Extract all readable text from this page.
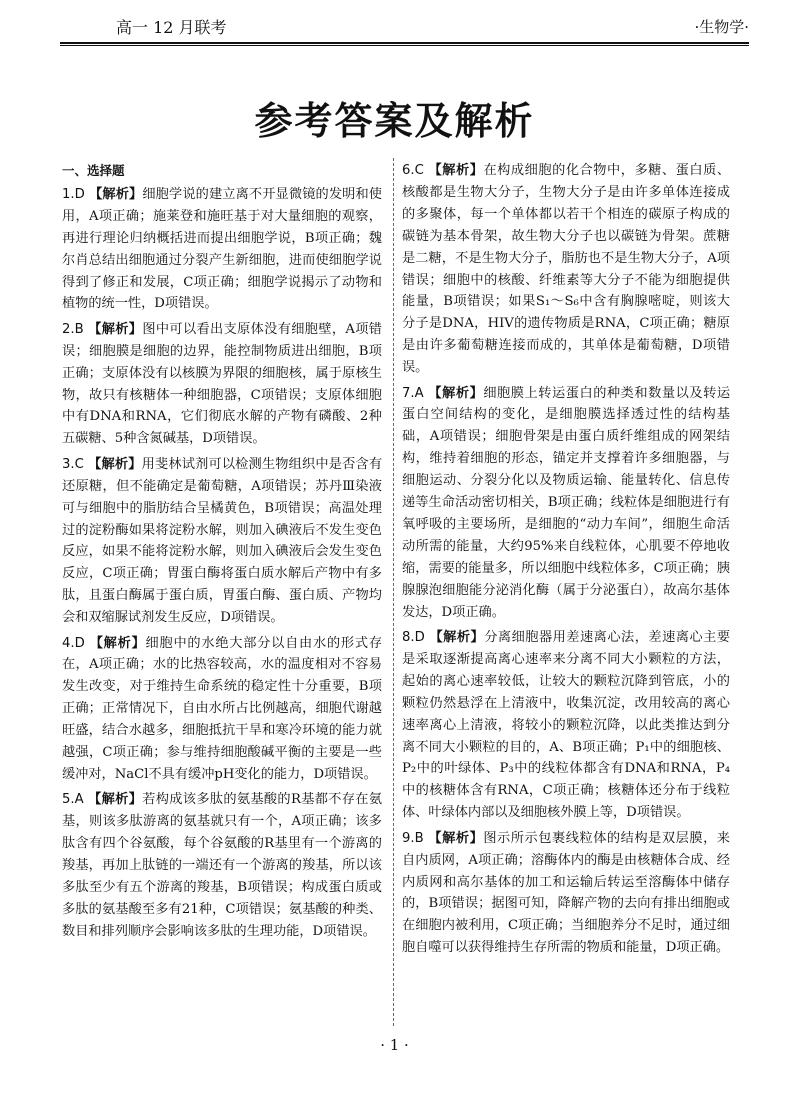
高一 12 月联考	·生物学·
参考答案及解析
一、选择题

1.D 【解析】细胞学说的建立离不开显微镜的发明和使用，A项正确；施莱登和施旺基于对大量细胞的观察，再进行理论归纳概括进而提出细胞学说，B项正确；魏尔肖总结出细胞通过分裂产生新细胞，进而使细胞学说得到了修正和发展，C项正确；细胞学说揭示了动物和植物的统一性，D项错误。

2.B 【解析】图中可以看出支原体没有细胞壁，A项错误；细胞膜是细胞的边界，能控制物质进出细胞，B项正确；支原体没有以核膜为界限的细胞核，属于原核生物，故只有核糖体一种细胞器，C项错误；支原体细胞中有DNA和RNA，它们彻底水解的产物有磷酸、2种五碳糖、5种含氮碱基，D项错误。

3.C 【解析】用斐林试剂可以检测生物组织中是否含有还原糖，但不能确定是葡萄糖，A项错误；苏丹Ⅲ染液可与细胞中的脂肪结合呈橘黄色，B项错误；高温处理过的淀粉酶如果将淀粉水解，则加入碘液后不发生变色反应，如果不能将淀粉水解，则加入碘液后会发生变色反应，C项正确；胃蛋白酶将蛋白质水解后产物中有多肽，且蛋白酶属于蛋白质，胃蛋白酶、蛋白质、产物均会和双缩脲试剂发生反应，D项错误。

4.D 【解析】细胞中的水绝大部分以自由水的形式存在，A项正确；水的比热容较高，水的温度相对不容易发生改变，对于维持生命系统的稳定性十分重要，B项正确；正常情况下，自由水所占比例越高，细胞代谢越旺盛，结合水越多，细胞抵抗干旱和寒冷环境的能力就越强，C项正确；参与维持细胞酸碱平衡的主要是一些缓冲对，NaCl不具有缓冲pH变化的能力，D项错误。

5.A 【解析】若构成该多肽的氨基酸的R基都不存在氨基，则该多肽游离的氨基就只有一个，A项正确；该多肽含有四个谷氨酸，每个谷氨酸的R基里有一个游离的羧基，再加上肽链的一端还有一个游离的羧基，所以该多肽至少有五个游离的羧基，B项错误；构成蛋白质或多肽的氨基酸至多有21种，C项错误；氨基酸的种类、数目和排列顺序会影响该多肽的生理功能，D项错误。

6.C 【解析】在构成细胞的化合物中，多糖、蛋白质、核酸都是生物大分子，生物大分子是由许多单体连接成的多聚体，每一个单体都以若干个相连的碳原子构成的碳链为基本骨架，故生物大分子也以碳链为骨架。蔗糖是二糖，不是生物大分子，脂肪也不是生物大分子，A项错误；细胞中的核酸、纤维素等大分子不能为细胞提供能量，B项错误；如果S₁～S₆中含有胸腺嘧啶，则该大分子是DNA，HIV的遗传物质是RNA，C项正确；糖原是由许多葡萄糖连接而成的，其单体是葡萄糖，D项错误。

7.A 【解析】细胞膜上转运蛋白的种类和数量以及转运蛋白空间结构的变化，是细胞膜选择透过性的结构基础，A项错误；细胞骨架是由蛋白质纤维组成的网架结构，维持着细胞的形态，锚定并支撑着许多细胞器，与细胞运动、分裂分化以及物质运输、能量转化、信息传递等生命活动密切相关，B项正确；线粒体是细胞进行有氧呼吸的主要场所，是细胞的“动力车间”，细胞生命活动所需的能量，大约95%来自线粒体，心肌要不停地收缩，需要的能量多，所以细胞中线粒体多，C项正确；胰腺腺泡细胞能分泌消化酶（属于分泌蛋白），故高尔基体发达，D项正确。

8.D 【解析】分离细胞器用差速离心法，差速离心主要是采取逐渐提高离心速率来分离不同大小颗粒的方法，起始的离心速率较低，让较大的颗粒沉降到管底，小的颗粒仍然悬浮在上清液中，收集沉淀，改用较高的离心速率离心上清液，将较小的颗粒沉降，以此类推达到分离不同大小颗粒的目的，A、B项正确；P₁中的细胞核、P₂中的叶绿体、P₃中的线粒体都含有DNA和RNA，P₄中的核糖体含有RNA，C项正确；核糖体还分布于线粒体、叶绿体内部以及细胞核外膜上等，D项错误。

9.B 【解析】图示所示包裹线粒体的结构是双层膜，来自内质网，A项正确；溶酶体内的酶是由核糖体合成、经内质网和高尔基体的加工和运输后转运至溶酶体中储存的，B项错误；据图可知，降解产物的去向有排出细胞或在细胞内被利用，C项正确；当细胞养分不足时，通过细胞自噬可以获得维持生存所需的物质和能量，D项正确。

· 1 ·
